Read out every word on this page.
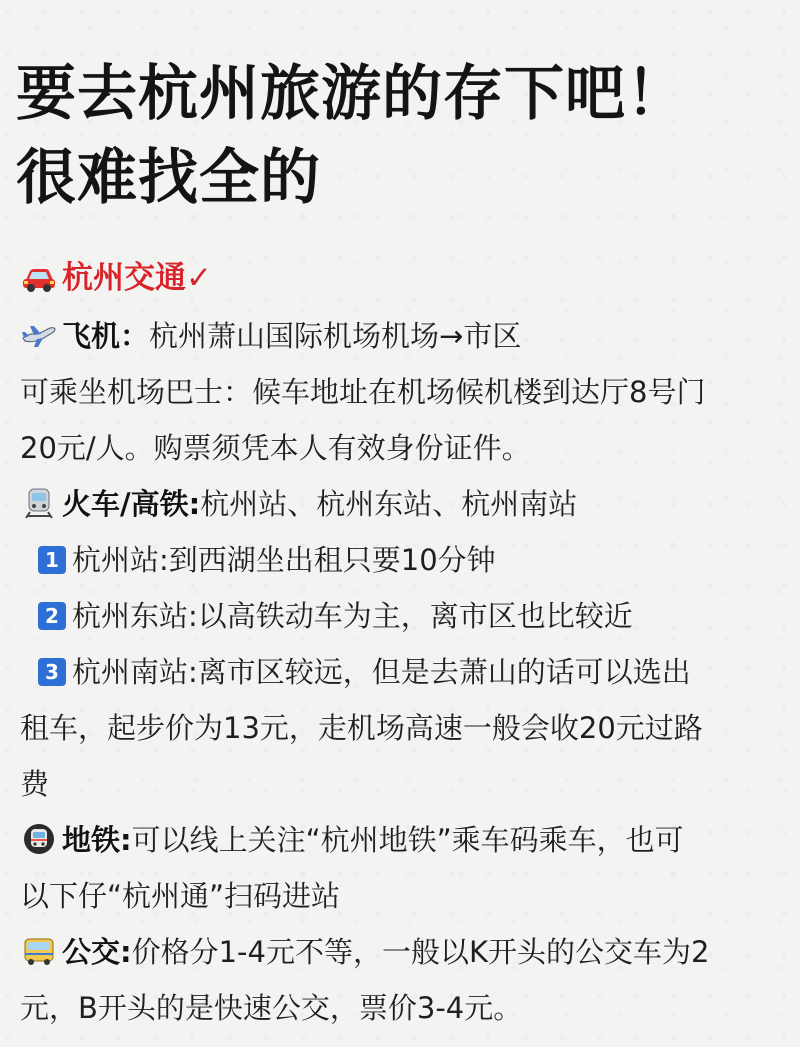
要去杭州旅游的存下吧！
很难找全的
杭州交通✓
飞机：杭州萧山国际机场机场→市区
可乘坐机场巴士：候车地址在机场候机楼到达厅8号门
20元/人。购票须凭本人有效身份证件。
火车/高铁:杭州站、杭州东站、杭州南站
1 杭州站:到西湖坐出租只要10分钟
2 杭州东站:以高铁动车为主，离市区也比较近
3 杭州南站:离市区较远，但是去萧山的话可以选出
租车，起步价为13元，走机场高速一般会收20元过路
费
地铁:可以线上关注“杭州地铁”乘车码乘车，也可
以下仔“杭州通”扫码进站
公交:价格分1-4元不等，一般以K开头的公交车为2
元，B开头的是快速公交，票价3-4元。
